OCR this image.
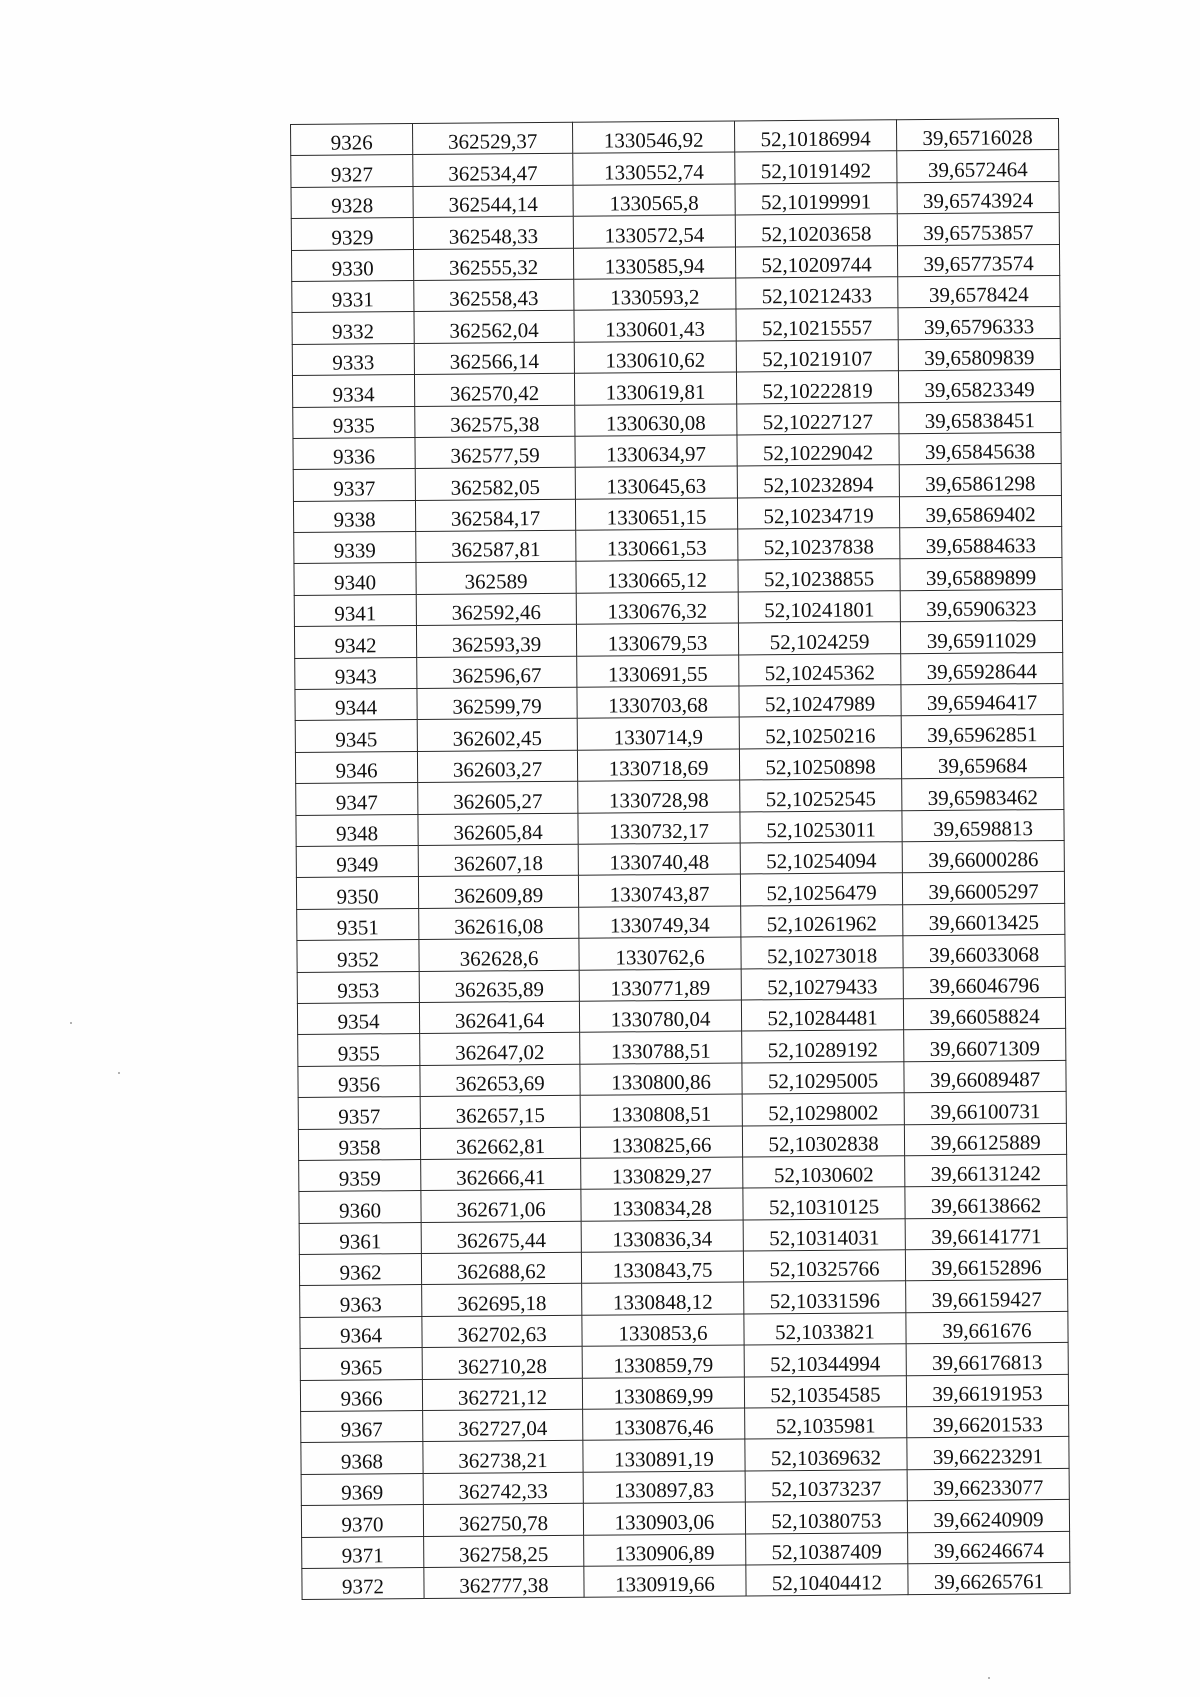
9326	362529,37	1330546,92	52,10186994	39,65716028
9327	362534,47	1330552,74	52,10191492	39,6572464
9328	362544,14	1330565,8	52,10199991	39,65743924
9329	362548,33	1330572,54	52,10203658	39,65753857
9330	362555,32	1330585,94	52,10209744	39,65773574
9331	362558,43	1330593,2	52,10212433	39,6578424
9332	362562,04	1330601,43	52,10215557	39,65796333
9333	362566,14	1330610,62	52,10219107	39,65809839
9334	362570,42	1330619,81	52,10222819	39,65823349
9335	362575,38	1330630,08	52,10227127	39,65838451
9336	362577,59	1330634,97	52,10229042	39,65845638
9337	362582,05	1330645,63	52,10232894	39,65861298
9338	362584,17	1330651,15	52,10234719	39,65869402
9339	362587,81	1330661,53	52,10237838	39,65884633
9340	362589	1330665,12	52,10238855	39,65889899
9341	362592,46	1330676,32	52,10241801	39,65906323
9342	362593,39	1330679,53	52,1024259	39,65911029
9343	362596,67	1330691,55	52,10245362	39,65928644
9344	362599,79	1330703,68	52,10247989	39,65946417
9345	362602,45	1330714,9	52,10250216	39,65962851
9346	362603,27	1330718,69	52,10250898	39,659684
9347	362605,27	1330728,98	52,10252545	39,65983462
9348	362605,84	1330732,17	52,10253011	39,6598813
9349	362607,18	1330740,48	52,10254094	39,66000286
9350	362609,89	1330743,87	52,10256479	39,66005297
9351	362616,08	1330749,34	52,10261962	39,66013425
9352	362628,6	1330762,6	52,10273018	39,66033068
9353	362635,89	1330771,89	52,10279433	39,66046796
9354	362641,64	1330780,04	52,10284481	39,66058824
9355	362647,02	1330788,51	52,10289192	39,66071309
9356	362653,69	1330800,86	52,10295005	39,66089487
9357	362657,15	1330808,51	52,10298002	39,66100731
9358	362662,81	1330825,66	52,10302838	39,66125889
9359	362666,41	1330829,27	52,1030602	39,66131242
9360	362671,06	1330834,28	52,10310125	39,66138662
9361	362675,44	1330836,34	52,10314031	39,66141771
9362	362688,62	1330843,75	52,10325766	39,66152896
9363	362695,18	1330848,12	52,10331596	39,66159427
9364	362702,63	1330853,6	52,1033821	39,661676
9365	362710,28	1330859,79	52,10344994	39,66176813
9366	362721,12	1330869,99	52,10354585	39,66191953
9367	362727,04	1330876,46	52,1035981	39,66201533
9368	362738,21	1330891,19	52,10369632	39,66223291
9369	362742,33	1330897,83	52,10373237	39,66233077
9370	362750,78	1330903,06	52,10380753	39,66240909
9371	362758,25	1330906,89	52,10387409	39,66246674
9372	362777,38	1330919,66	52,10404412	39,66265761
